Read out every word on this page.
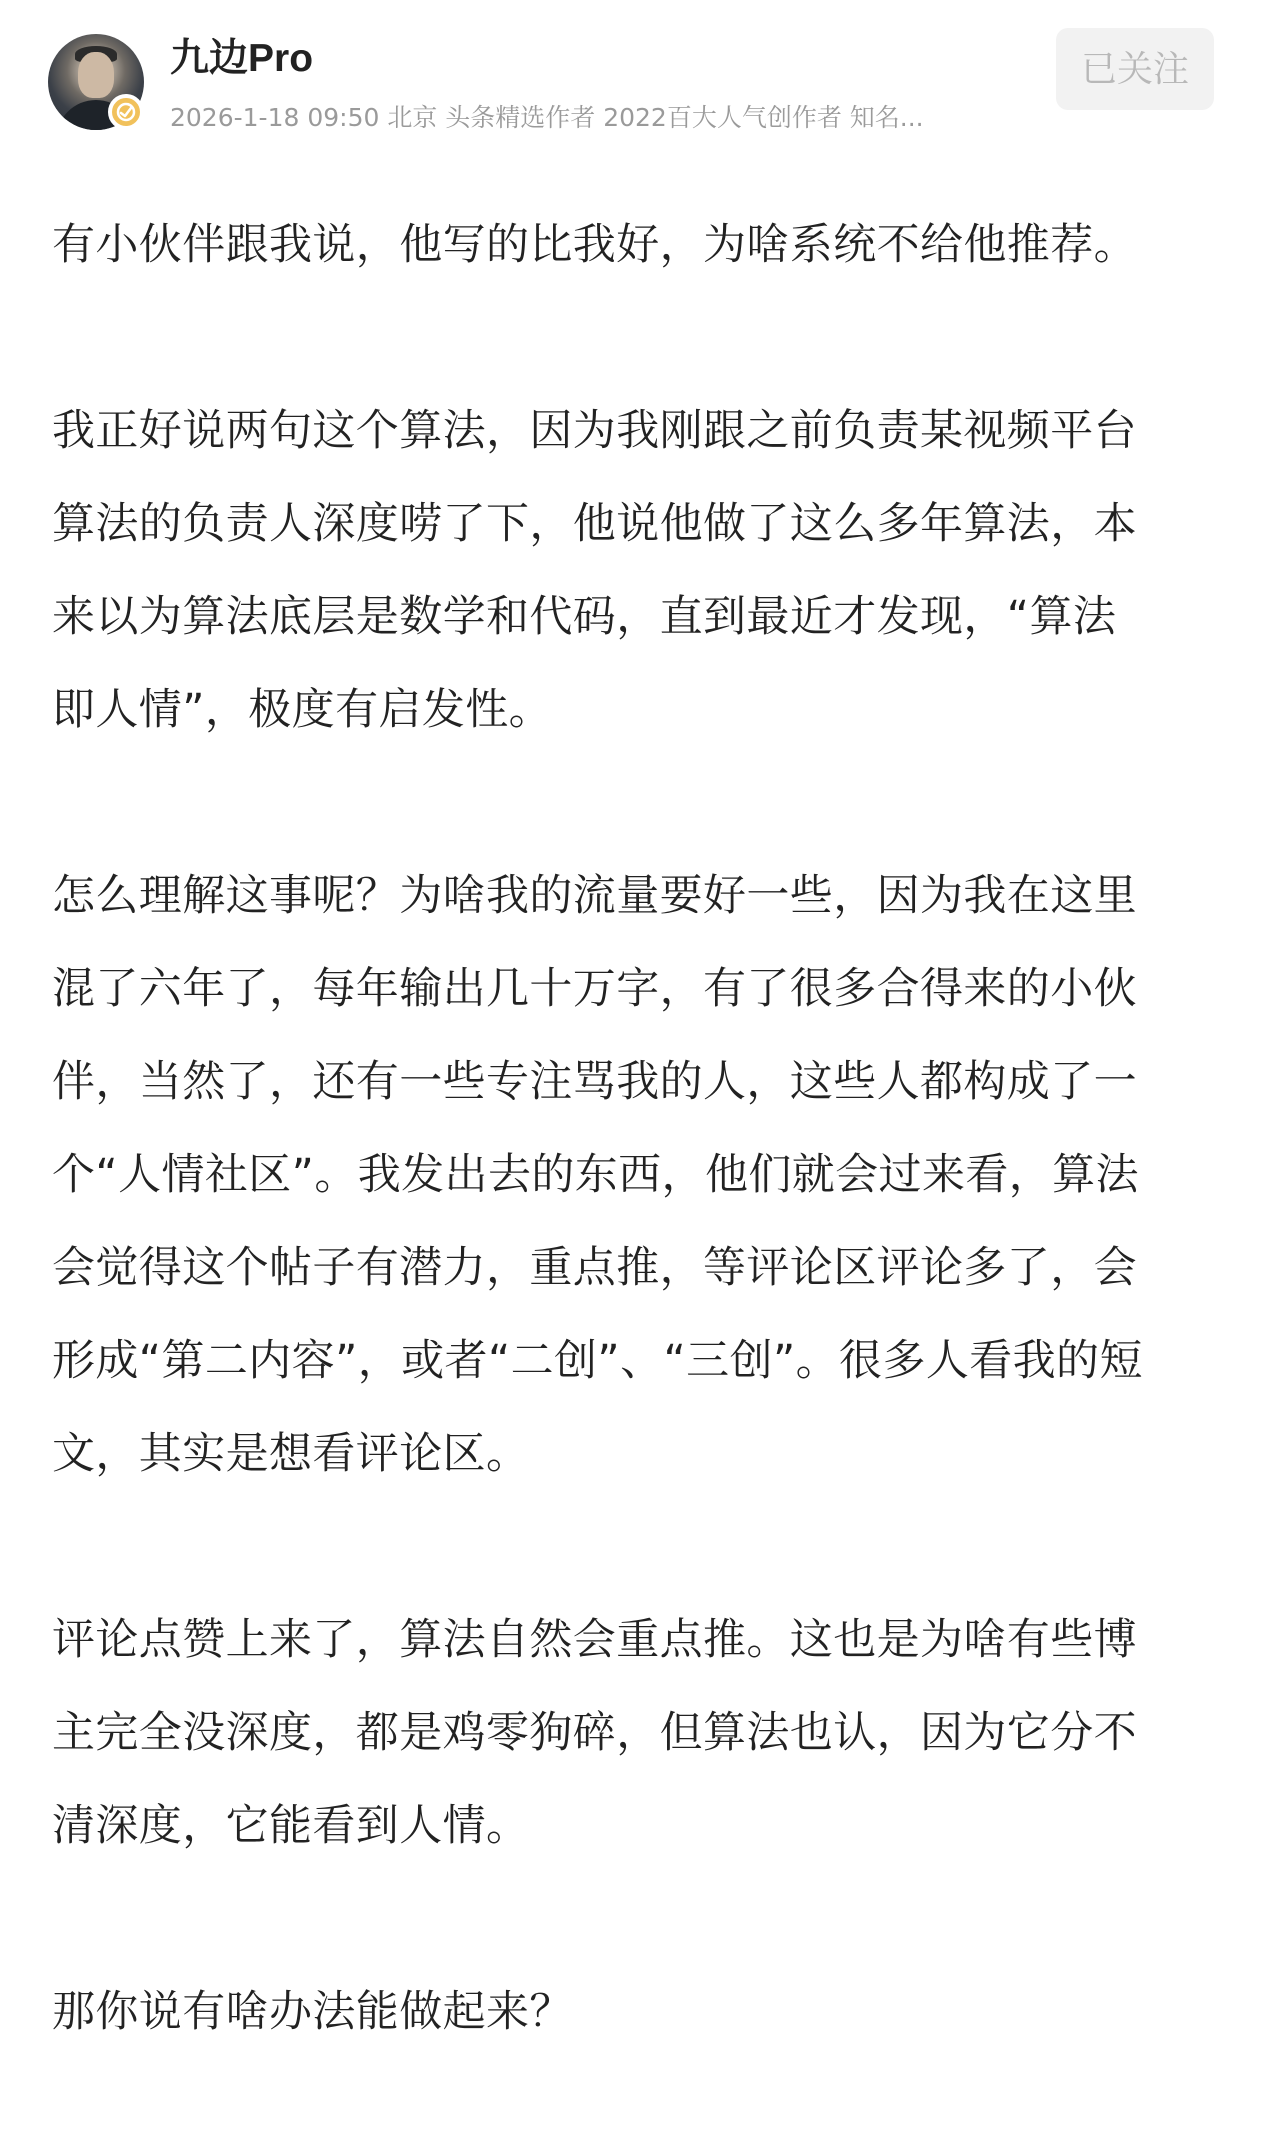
九边Pro
2026-1-18 09:50 北京 头条精选作者 2022百大人气创作者 知名...
已关注

有小伙伴跟我说，他写的比我好，为啥系统不给他推荐。

我正好说两句这个算法，因为我刚跟之前负责某视频平台
算法的负责人深度唠了下，他说他做了这么多年算法，本
来以为算法底层是数学和代码，直到最近才发现，“算法
即人情”，极度有启发性。

怎么理解这事呢？为啥我的流量要好一些，因为我在这里
混了六年了，每年输出几十万字，有了很多合得来的小伙
伴，当然了，还有一些专注骂我的人，这些人都构成了一
个“人情社区”。我发出去的东西，他们就会过来看，算法
会觉得这个帖子有潜力，重点推，等评论区评论多了，会
形成“第二内容”，或者“二创”、“三创”。很多人看我的短
文，其实是想看评论区。

评论点赞上来了，算法自然会重点推。这也是为啥有些博
主完全没深度，都是鸡零狗碎，但算法也认，因为它分不
清深度，它能看到人情。

那你说有啥办法能做起来？
